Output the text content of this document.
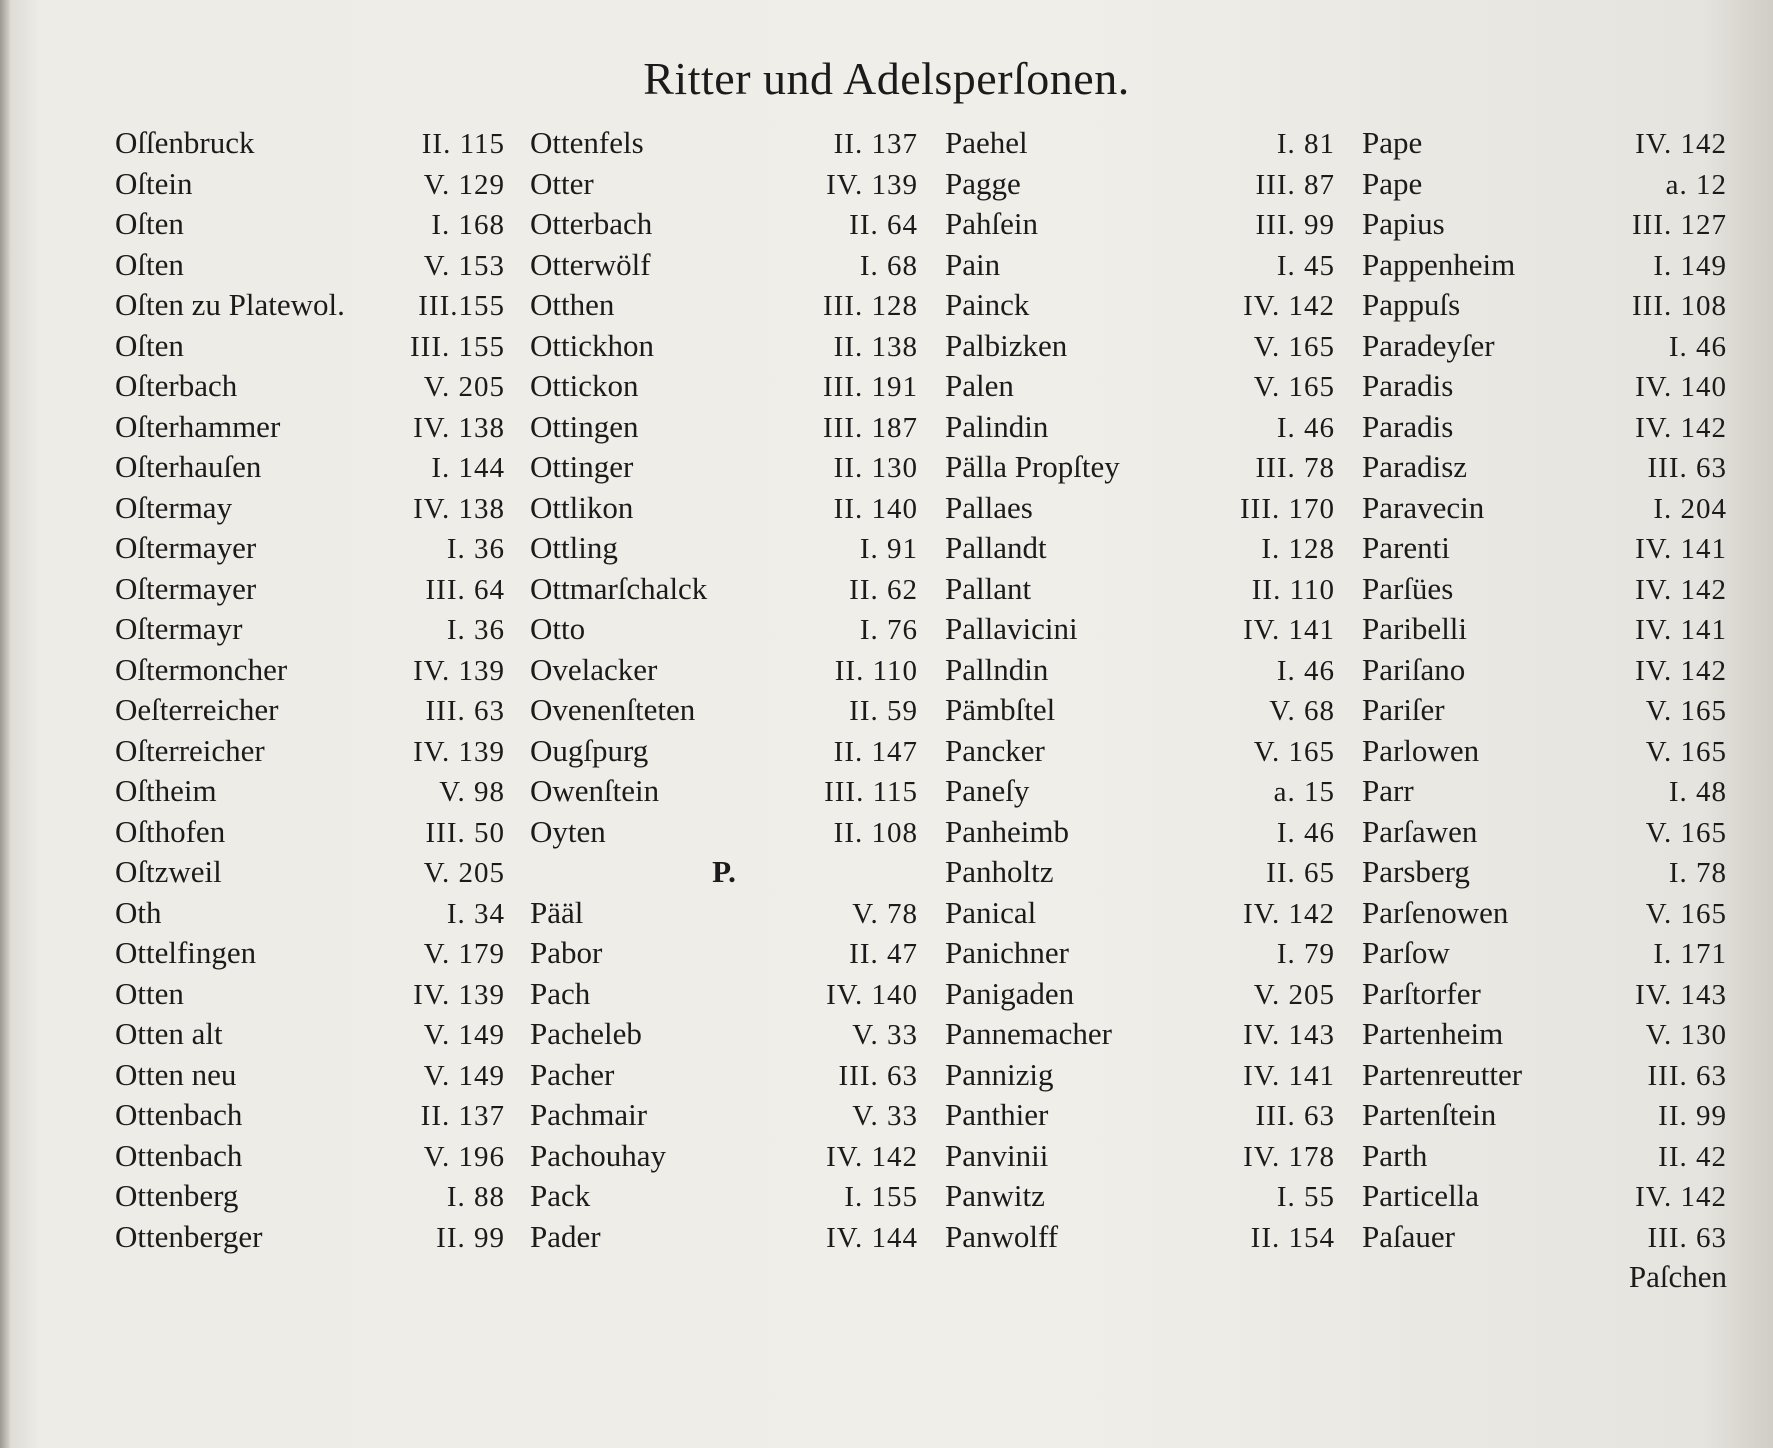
Ritter und Adelsperſonen.
Oſſenbruck	II. 115
Oſtein	V. 129
Oſten	I. 168
Oſten	V. 153
Oſten zu Platewol.	III.155
Oſten	III. 155
Oſterbach	V. 205
Oſterhammer	IV. 138
Oſterhauſen	I. 144
Oſtermay	IV. 138
Oſtermayer	I. 36
Oſtermayer	III. 64
Oſtermayr	I. 36
Oſtermoncher	IV. 139
Oeſterreicher	III. 63
Oſterreicher	IV. 139
Oſtheim	V. 98
Oſthofen	III. 50
Oſtzweil	V. 205
Oth	I. 34
Ottelfingen	V. 179
Otten	IV. 139
Otten alt	V. 149
Otten neu	V. 149
Ottenbach	II. 137
Ottenbach	V. 196
Ottenberg	I. 88
Ottenberger	II. 99
Ottenfels	II. 137
Otter	IV. 139
Otterbach	II. 64
Otterwölf	I. 68
Otthen	III. 128
Ottickhon	II. 138
Ottickon	III. 191
Ottingen	III. 187
Ottinger	II. 130
Ottlikon	II. 140
Ottling	I. 91
Ottmarſchalck	II. 62
Otto	I. 76
Ovelacker	II. 110
Ovenenſteten	II. 59
Ougſpurg	II. 147
Owenſtein	III. 115
Oyten	II. 108
P.
Pääl	V. 78
Pabor	II. 47
Pach	IV. 140
Pacheleb	V. 33
Pacher	III. 63
Pachmair	V. 33
Pachouhay	IV. 142
Pack	I. 155
Pader	IV. 144
Paehel	I. 81
Pagge	III. 87
Pahſein	III. 99
Pain	I. 45
Painck	IV. 142
Palbizken	V. 165
Palen	V. 165
Palindin	I. 46
Pälla Propſtey	III. 78
Pallaes	III. 170
Pallandt	I. 128
Pallant	II. 110
Pallavicini	IV. 141
Pallndin	I. 46
Pämbſtel	V. 68
Pancker	V. 165
Paneſy	a. 15
Panheimb	I. 46
Panholtz	II. 65
Panical	IV. 142
Panichner	I. 79
Panigaden	V. 205
Pannemacher	IV. 143
Pannizig	IV. 141
Panthier	III. 63
Panvinii	IV. 178
Panwitz	I. 55
Panwolff	II. 154
Pape	IV. 142
Pape	a. 12
Papius	III. 127
Pappenheim	I. 149
Pappuſs	III. 108
Paradeyſer	I. 46
Paradis	IV. 140
Paradis	IV. 142
Paradisz	III. 63
Paravecin	I. 204
Parenti	IV. 141
Parſües	IV. 142
Paribelli	IV. 141
Pariſano	IV. 142
Pariſer	V. 165
Parlowen	V. 165
Parr	I. 48
Parſawen	V. 165
Parsberg	I. 78
Parſenowen	V. 165
Parſow	I. 171
Parſtorfer	IV. 143
Partenheim	V. 130
Partenreutter	III. 63
Partenſtein	II. 99
Parth	II. 42
Particella	IV. 142
Paſauer	III. 63
Paſchen
